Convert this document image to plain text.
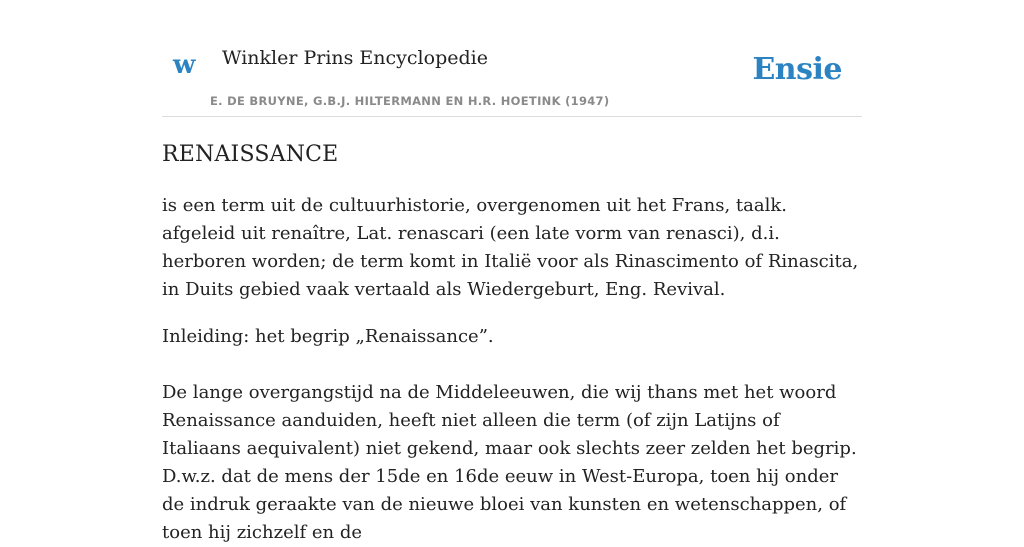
w Winkler Prins Encyclopedie
E. DE BRUYNE, G.B.J. HILTERMANN EN H.R. HOETINK (1947)
Ensie
RENAISSANCE

is een term uit de cultuurhistorie, overgenomen uit het Frans, taalk. afgeleid uit renaître, Lat. renascari (een late vorm van renasci), d.i. herboren worden; de term komt in Italië voor als Rinascimento of Rinascita, in Duits gebied vaak vertaald als Wiedergeburt, Eng. Revival.

Inleiding: het begrip „Renaissance”.

De lange overgangstijd na de Middeleeuwen, die wij thans met het woord Renaissance aanduiden, heeft niet alleen die term (of zijn Latijns of Italiaans aequivalent) niet gekend, maar ook slechts zeer zelden het begrip. D.w.z. dat de mens der 15de en 16de eeuw in West-Europa, toen hij onder de indruk geraakte van de nieuwe bloei van kunsten en wetenschappen, of toen hij zichzelf en de
